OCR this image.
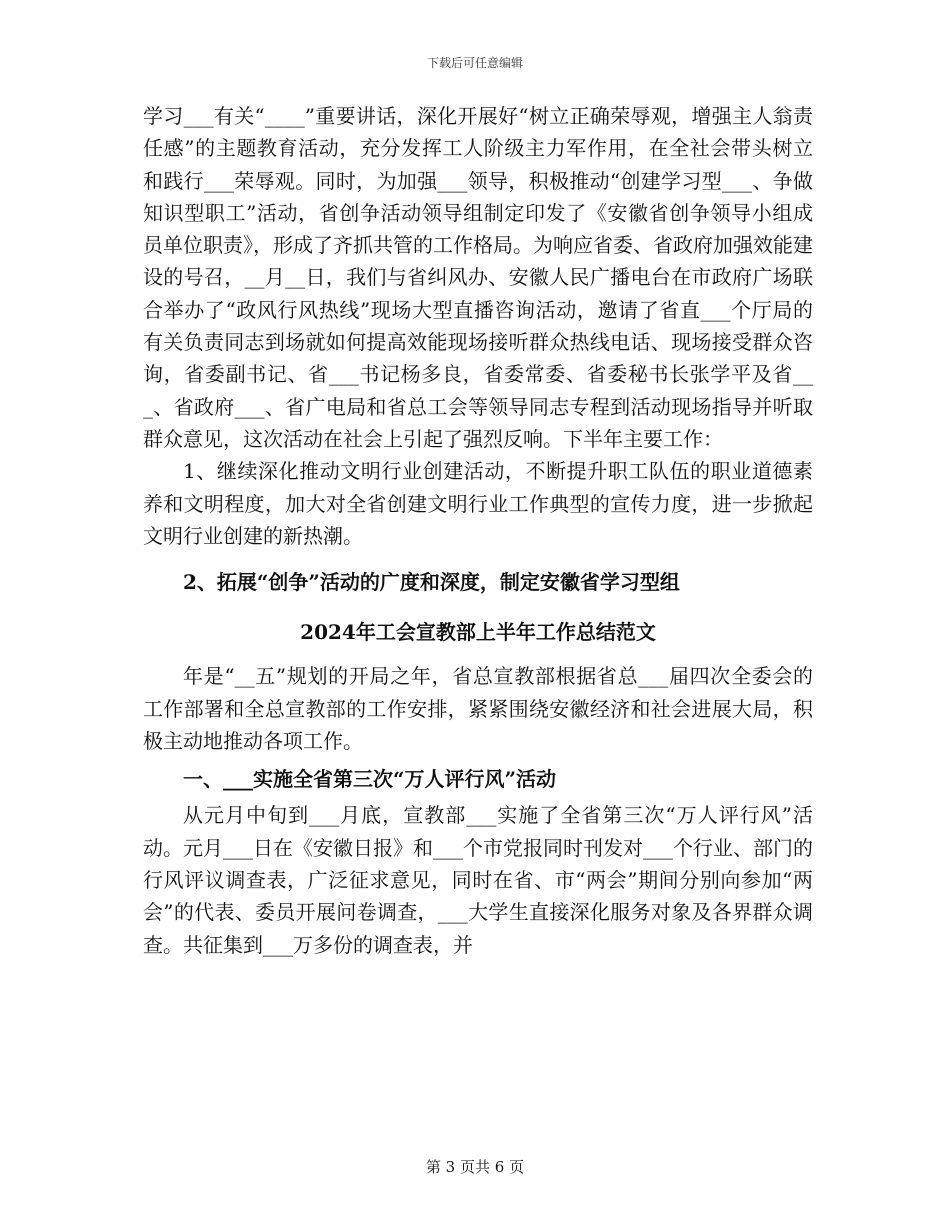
下载后可任意编辑

学习___有关“____”重要讲话，深化开展好“树立正确荣辱观，增强主人翁责任感”的主题教育活动，充分发挥工人阶级主力军作用，在全社会带头树立和践行___荣辱观。同时，为加强___领导，积极推动“创建学习型___、争做知识型职工”活动，省创争活动领导组制定印发了《安徽省创争领导小组成员单位职责》，形成了齐抓共管的工作格局。为响应省委、省政府加强效能建设的号召，__月__日，我们与省纠风办、安徽人民广播电台在市政府广场联合举办了“政风行风热线”现场大型直播咨询活动，邀请了省直___个厅局的有关负责同志到场就如何提高效能现场接听群众热线电话、现场接受群众咨询，省委副书记、省___书记杨多良，省委常委、省委秘书长张学平及省___、省政府___、省广电局和省总工会等领导同志专程到活动现场指导并听取群众意见，这次活动在社会上引起了强烈反响。下半年主要工作：

1、继续深化推动文明行业创建活动，不断提升职工队伍的职业道德素养和文明程度，加大对全省创建文明行业工作典型的宣传力度，进一步掀起文明行业创建的新热潮。

2、拓展“创争”活动的广度和深度，制定安徽省学习型组

2024年工会宣教部上半年工作总结范文

年是“__五”规划的开局之年，省总宣教部根据省总___届四次全委会的工作部署和全总宣教部的工作安排，紧紧围绕安徽经济和社会进展大局，积极主动地推动各项工作。

一、___实施全省第三次“万人评行风”活动

从元月中旬到___月底，宣教部___实施了全省第三次“万人评行风”活动。元月___日在《安徽日报》和___个市党报同时刊发对___个行业、部门的行风评议调查表，广泛征求意见，同时在省、市“两会”期间分别向参加“两会”的代表、委员开展问卷调查，___大学生直接深化服务对象及各界群众调查。共征集到___万多份的调查表，并

第 3 页共 6 页
